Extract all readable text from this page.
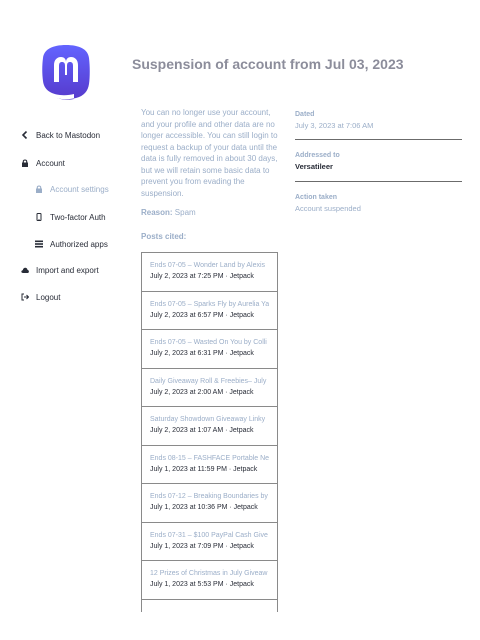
Back to Mastodon
Account
Account settings
Two-factor Auth
Authorized apps
Import and export
Logout
Suspension of account from Jul 03, 2023

You can no longer use your account, and your profile and other data are no longer accessible. You can still login to request a backup of your data until the data is fully removed in about 30 days, but we will retain some basic data to prevent you from evading the suspension.

Reason: Spam
Posts cited:
Ends 07-05 – Wonder Land by Alexis
July 2, 2023 at 7:25 PM · Jetpack
Ends 07-05 – Sparks Fly by Aurelia Ya
July 2, 2023 at 6:57 PM · Jetpack
Ends 07-05 – Wasted On You by Colli
July 2, 2023 at 6:31 PM · Jetpack
Daily Giveaway Roll & Freebies– July
July 2, 2023 at 2:00 AM · Jetpack
Saturday Showdown Giveaway Linky
July 2, 2023 at 1:07 AM · Jetpack
Ends 08-15 – FASHFACE Portable Ne
July 1, 2023 at 11:59 PM · Jetpack
Ends 07-12 – Breaking Boundaries by
July 1, 2023 at 10:36 PM · Jetpack
Ends 07-31 – $100 PayPal Cash Give
July 1, 2023 at 7:09 PM · Jetpack
12 Prizes of Christmas in July Giveaw
July 1, 2023 at 5:53 PM · Jetpack
Dated
July 3, 2023 at 7:06 AM
Addressed to
Versatileer
Action taken
Account suspended
